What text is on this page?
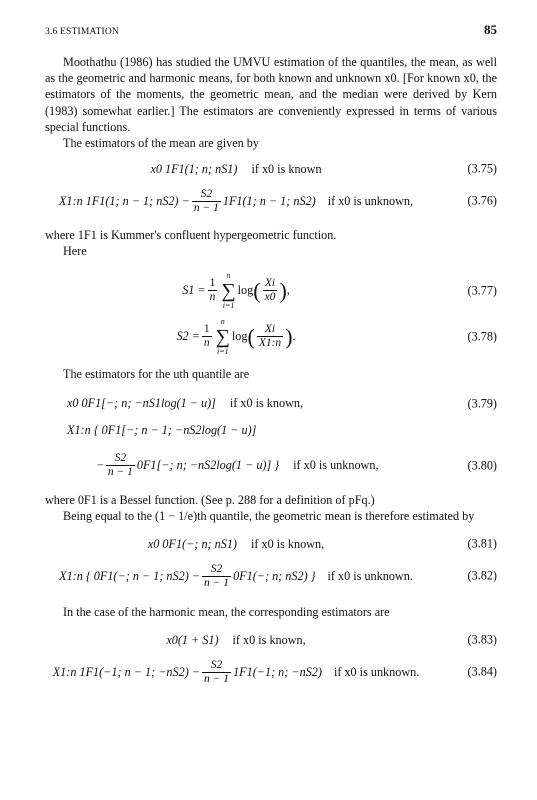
3.6 ESTIMATION	85

Moothathu (1986) has studied the UMVU estimation of the quantiles, the mean, as well as the geometric and harmonic means, for both known and unknown x0. [For known x0, the estimators of the moments, the geometric mean, and the median were derived by Kern (1983) somewhat earlier.] The estimators are conveniently expressed in terms of various special functions.

The estimators of the mean are given by

x0 1F1(1; n; nS1) if x0 is known	(3.75)
X1:n 1F1(1; n − 1; $nS2) - \frac{S2}{n - 1} 1F1(1$; n − 1; nS2) if x0 is unknown,	(3.76)

where 1F1 is Kummer's confluent hypergeometric function.

Here

$S1 = \frac{1}{n}$
n
∑
i=1
log ( $\frac{Xi}{x0}$ ) ,	(3.77)
$S2 = \frac{1}{n}$
n
∑
i=1
log ( $\frac{Xi}{X1:n}$ ) .	(3.78)

The estimators for the uth quantile are

x0 0F1[−; n; −nS1log(1 − u)] if x0 is known,	(3.79)
X1:n { 0F1[−; n − 1; −nS2log(1 − u)]
− $\frac{S2}{n - 1} 0F1[-$; n; −nS2log(1 − u)] } if x0 is unknown,	(3.80)

where 0F1 is a Bessel function. (See p. 288 for a definition of pFq.)

Being equal to the (1 − 1/e)th quantile, the geometric mean is therefore estimated by

x0 0F1(−; n; nS1) if x0 is known,	(3.81)
X1:n { 0F1(−; n − 1; $nS2) - \frac{S2}{n - 1} 0F1(-$; n; nS2) } if x0 is unknown.	(3.82)

In the case of the harmonic mean, the corresponding estimators are

x0(1 + S1) if x0 is known,	(3.83)
X1:n 1F1(−1; n − 1; $-nS2) - \frac{S2}{n - 1} 1F1(-1$; n; −nS2) if x0 is unknown.	(3.84)
